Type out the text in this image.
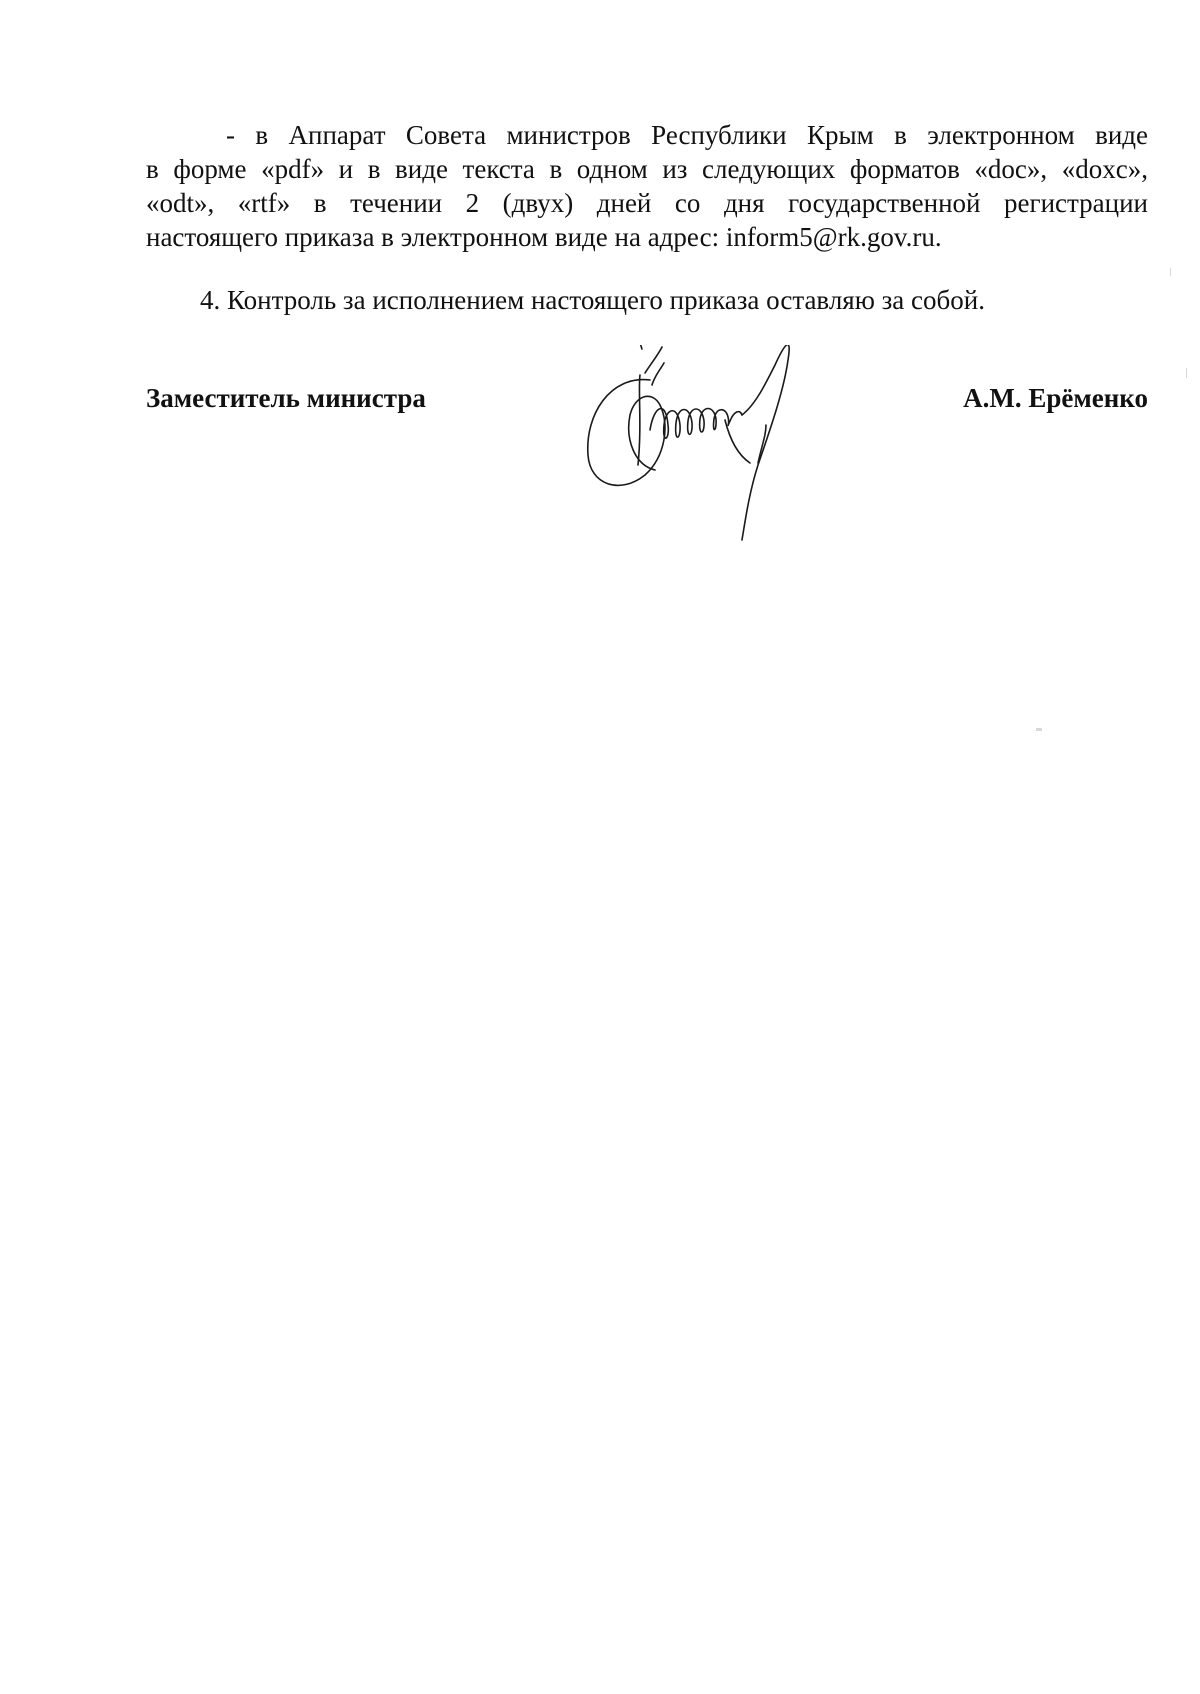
- в Аппарат Совета министров Республики Крым в электронном виде
в форме «pdf» и в виде текста в одном из следующих форматов «doc», «doxc»,
«odt», «rtf» в течении 2 (двух) дней со дня государственной регистрации
настоящего приказа в электронном виде на адрес: inform5@rk.gov.ru.
4. Контроль за исполнением настоящего приказа оставляю за собой.
Заместитель министра	А.М. Ерёменко
